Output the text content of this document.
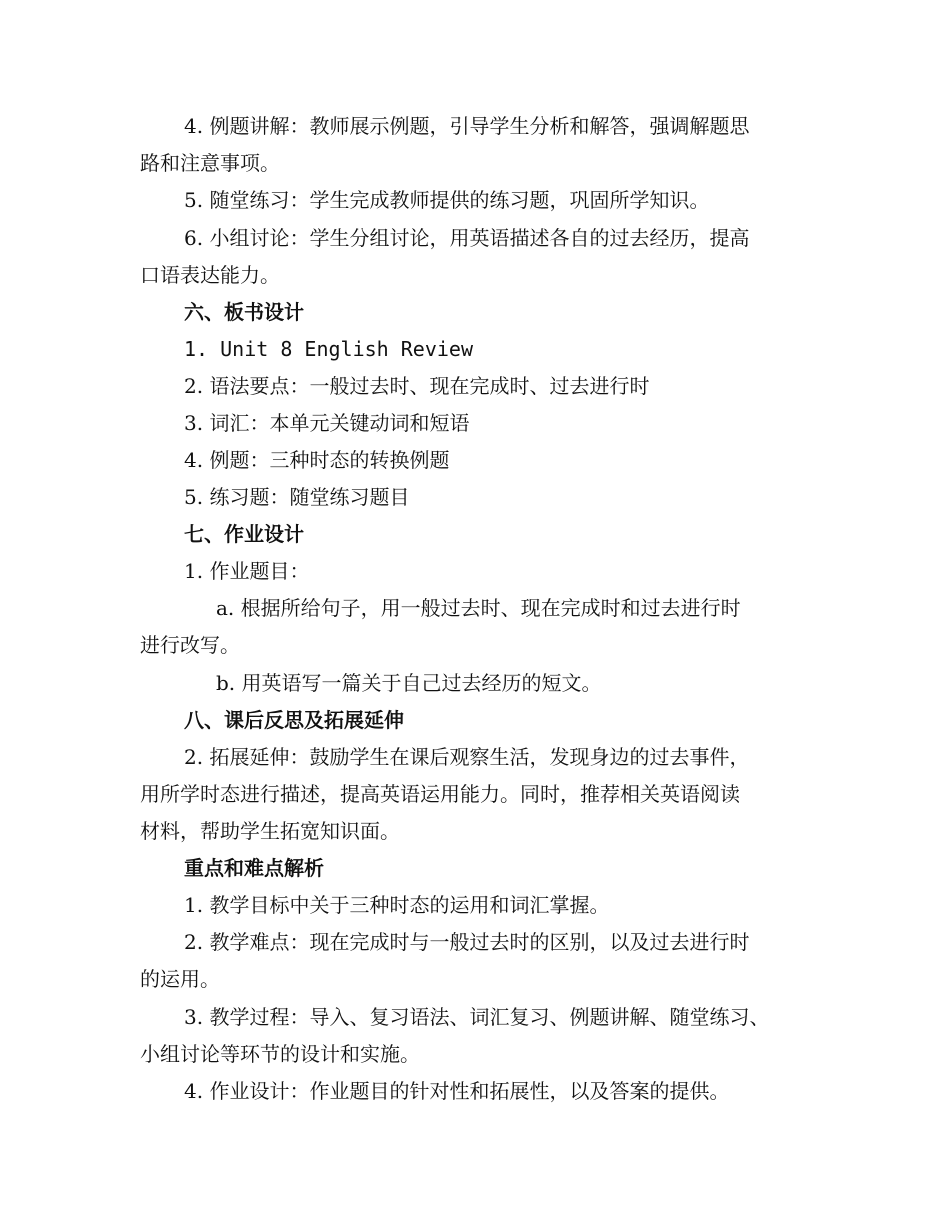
4. 例题讲解：教师展示例题，引导学生分析和解答，强调解题思
路和注意事项。
5. 随堂练习：学生完成教师提供的练习题，巩固所学知识。
6. 小组讨论：学生分组讨论，用英语描述各自的过去经历，提高
口语表达能力。
六、板书设计
1. Unit 8 English Review
2. 语法要点：一般过去时、现在完成时、过去进行时
3. 词汇：本单元关键动词和短语
4. 例题：三种时态的转换例题
5. 练习题：随堂练习题目
七、作业设计
1. 作业题目：
a. 根据所给句子，用一般过去时、现在完成时和过去进行时
进行改写。
b. 用英语写一篇关于自己过去经历的短文。
八、课后反思及拓展延伸
2. 拓展延伸：鼓励学生在课后观察生活，发现身边的过去事件，
用所学时态进行描述，提高英语运用能力。同时，推荐相关英语阅读
材料，帮助学生拓宽知识面。
重点和难点解析
1. 教学目标中关于三种时态的运用和词汇掌握。
2. 教学难点：现在完成时与一般过去时的区别，以及过去进行时
的运用。
3. 教学过程：导入、复习语法、词汇复习、例题讲解、随堂练习、
小组讨论等环节的设计和实施。
4. 作业设计：作业题目的针对性和拓展性，以及答案的提供。
